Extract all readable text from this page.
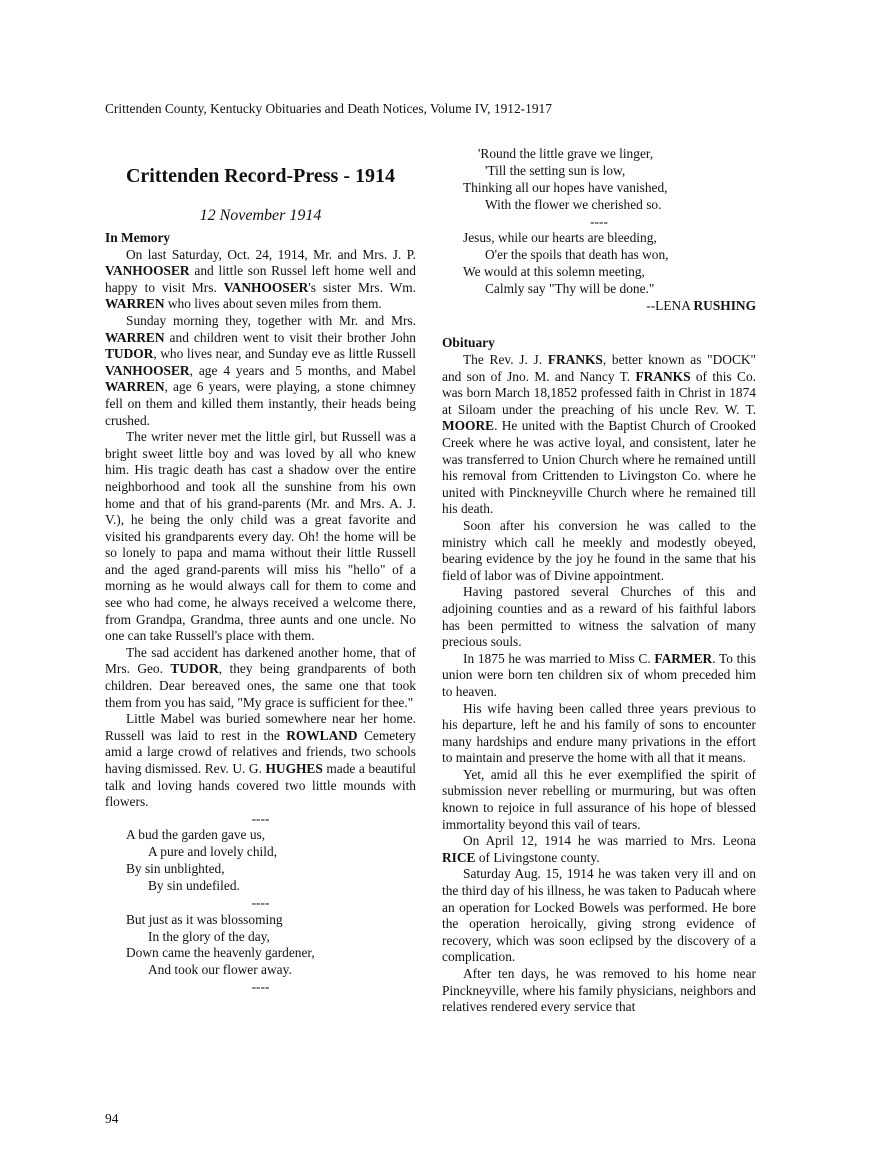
Crittenden County, Kentucky Obituaries and Death Notices, Volume IV, 1912-1917
Crittenden Record-Press - 1914
12 November 1914
In Memory

On last Saturday, Oct. 24, 1914, Mr. and Mrs. J. P. VANHOOSER and little son Russel left home well and happy to visit Mrs. VANHOOSER's sister Mrs. Wm. WARREN who lives about seven miles from them.

Sunday morning they, together with Mr. and Mrs. WARREN and children went to visit their brother John TUDOR, who lives near, and Sunday eve as little Russell VANHOOSER, age 4 years and 5 months, and Mabel WARREN, age 6 years, were playing, a stone chimney fell on them and killed them instantly, their heads being crushed.

The writer never met the little girl, but Russell was a bright sweet little boy and was loved by all who knew him. His tragic death has cast a shadow over the entire neighborhood and took all the sunshine from his own home and that of his grand-parents (Mr. and Mrs. A. J. V.), he being the only child was a great favorite and visited his grandparents every day. Oh! the home will be so lonely to papa and mama without their little Russell and the aged grand-parents will miss his "hello" of a morning as he would always call for them to come and see who had come, he always received a welcome there, from Grandpa, Grandma, three aunts and one uncle. No one can take Russell's place with them.

The sad accident has darkened another home, that of Mrs. Geo. TUDOR, they being grandparents of both children. Dear bereaved ones, the same one that took them from you has said, "My grace is sufficient for thee."

Little Mabel was buried somewhere near her home. Russell was laid to rest in the ROWLAND Cemetery amid a large crowd of relatives and friends, two schools having dismissed. Rev. U. G. HUGHES made a beautiful talk and loving hands covered two little mounds with flowers.

----
A bud the garden gave us,
A pure and lovely child,
By sin unblighted,
By sin undefiled.
----
But just as it was blossoming
In the glory of the day,
Down came the heavenly gardener,
And took our flower away.
----
'Round the little grave we linger,
'Till the setting sun is low,
Thinking all our hopes have vanished,
With the flower we cherished so.
----
Jesus, while our hearts are bleeding,
O'er the spoils that death has won,
We would at this solemn meeting,
Calmly say "Thy will be done."
--LENA RUSHING
Obituary

The Rev. J. J. FRANKS, better known as "DOCK" and son of Jno. M. and Nancy T. FRANKS of this Co. was born March 18,1852 professed faith in Christ in 1874 at Siloam under the preaching of his uncle Rev. W. T. MOORE. He united with the Baptist Church of Crooked Creek where he was active loyal, and consistent, later he was transferred to Union Church where he remained untill his removal from Crittenden to Livingston Co. where he united with Pinckneyville Church where he remained till his death.

Soon after his conversion he was called to the ministry which call he meekly and modestly obeyed, bearing evidence by the joy he found in the same that his field of labor was of Divine appointment.

Having pastored several Churches of this and adjoining counties and as a reward of his faithful labors has been permitted to witness the salvation of many precious souls.

In 1875 he was married to Miss C. FARMER. To this union were born ten children six of whom preceded him to heaven.

His wife having been called three years previous to his departure, left he and his family of sons to encounter many hardships and endure many privations in the effort to maintain and preserve the home with all that it means.

Yet, amid all this he ever exemplified the spirit of submission never rebelling or murmuring, but was often known to rejoice in full assurance of his hope of blessed immortality beyond this vail of tears.

On April 12, 1914 he was married to Mrs. Leona RICE of Livingstone county.

Saturday Aug. 15, 1914 he was taken very ill and on the third day of his illness, he was taken to Paducah where an operation for Locked Bowels was performed. He bore the operation heroically, giving strong evidence of recovery, which was soon eclipsed by the discovery of a complication.

After ten days, he was removed to his home near Pinckneyville, where his family physicians, neighbors and relatives rendered every service that

94
